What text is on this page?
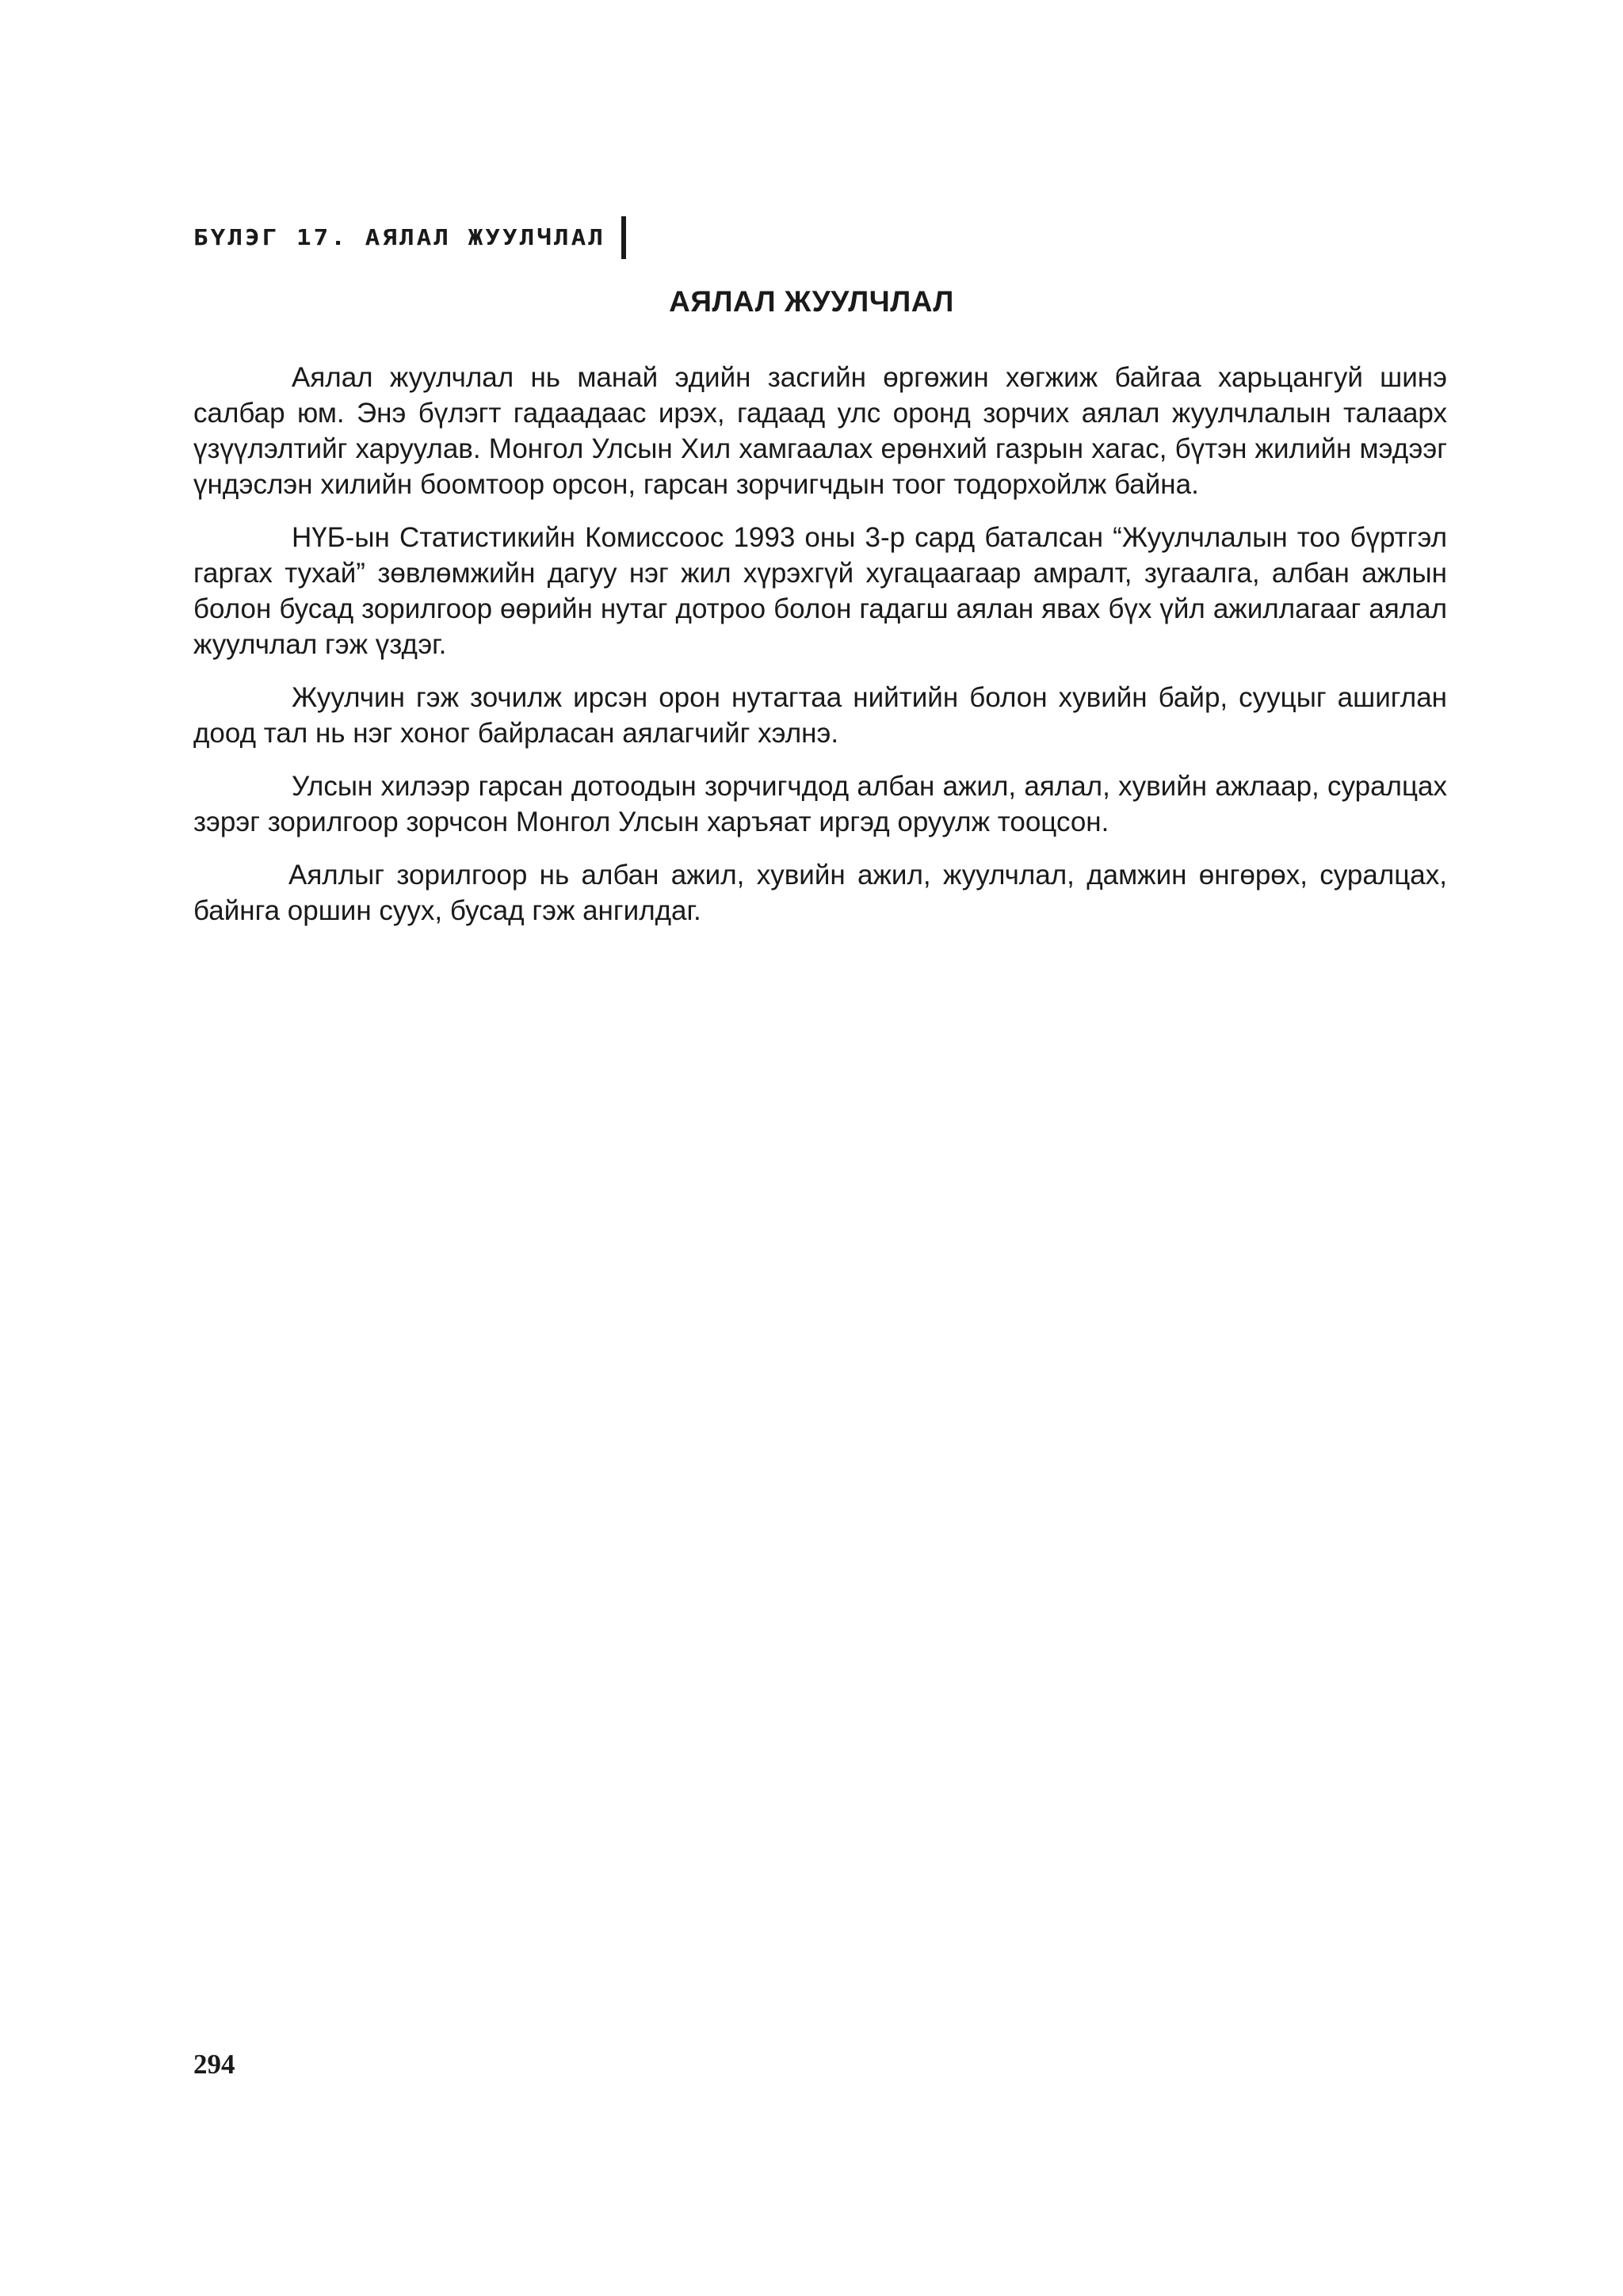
БҮЛЭГ 17. АЯЛАЛ ЖУУЛЧЛАЛ
АЯЛАЛ ЖУУЛЧЛАЛ

Аялал жуулчлал нь манай эдийн засгийн өргөжин хөгжиж байгаа харьцангуй шинэ салбар юм. Энэ бүлэгт гадаадаас ирэх, гадаад улс оронд зорчих аялал жуулчлалын талаарх үзүүлэлтийг харуулав. Монгол Улсын Хил хамгаалах ерөнхий газрын хагас, бүтэн жилийн мэдээг үндэслэн хилийн боомтоор орсон, гарсан зорчигчдын тоог тодорхойлж байна.

НҮБ-ын Статистикийн Комиссоос 1993 оны 3-р сард баталсан “Жуулчлалын тоо бүртгэл гаргах тухай” зөвлөмжийн дагуу нэг жил хүрэхгүй хугацаагаар амралт, зугаалга, албан ажлын болон бусад зорилгоор өөрийн нутаг дотроо болон гадагш аялан явах бүх үйл ажиллагааг аялал жуулчлал гэж үздэг.

Жуулчин гэж зочилж ирсэн орон нутагтаа нийтийн болон хувийн байр, сууцыг ашиглан доод тал нь нэг хоног байрласан аялагчийг хэлнэ.

Улсын хилээр гарсан дотоодын зорчигчдод албан ажил, аялал, хувийн ажлаар, суралцах зэрэг зорилгоор зорчсон Монгол Улсын харъяат иргэд оруулж тооцсон.

Аяллыг зорилгоор нь албан ажил, хувийн ажил, жуулчлал, дамжин өнгөрөх, суралцах, байнга оршин суух, бусад гэж ангилдаг.

294
